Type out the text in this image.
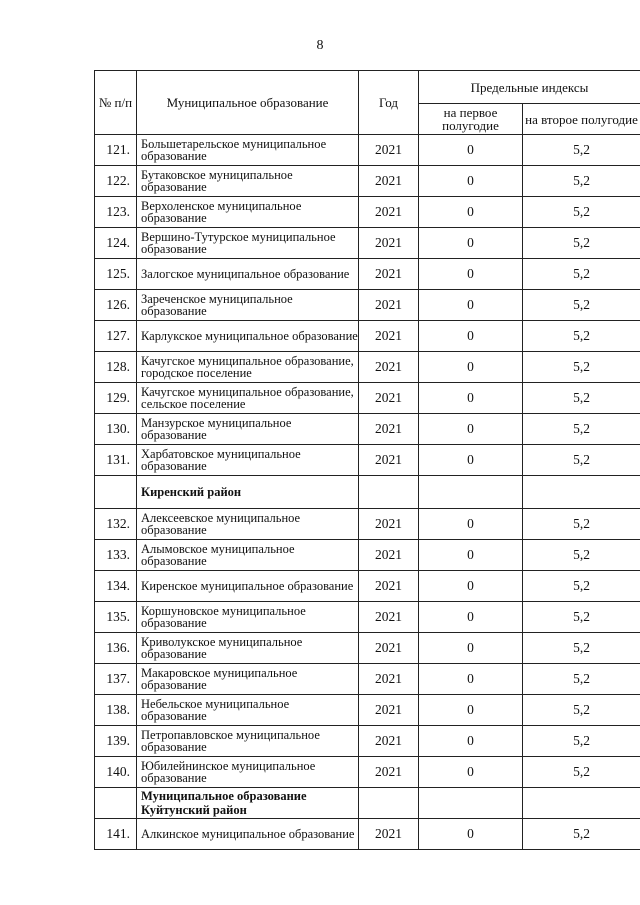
8
№ п/п	Муниципальное образование	Год	Предельные индексы	
			на первое полугодие	на второе полугодие
121.	Большетарельское муниципальное образование	2021	0	5,2
122.	Бутаковское муниципальное образование	2021	0	5,2
123.	Верхоленское муниципальное образование	2021	0	5,2
124.	Вершино-Тутурское муниципальное образование	2021	0	5,2
125.	Залогское муниципальное образование	2021	0	5,2
126.	Зареченское муниципальное образование	2021	0	5,2
127.	Карлукское муниципальное образование	2021	0	5,2
128.	Качугское муниципальное образование, городское поселение	2021	0	5,2
129.	Качугское муниципальное образование, сельское поселение	2021	0	5,2
130.	Манзурское муниципальное образование	2021	0	5,2
131.	Харбатовское муниципальное образование	2021	0	5,2
	Киренский район			
132.	Алексеевское муниципальное образование	2021	0	5,2
133.	Алымовское муниципальное образование	2021	0	5,2
134.	Киренское муниципальное образование	2021	0	5,2
135.	Коршуновское муниципальное образование	2021	0	5,2
136.	Криволукское муниципальное образование	2021	0	5,2
137.	Макаровское муниципальное образование	2021	0	5,2
138.	Небельское муниципальное образование	2021	0	5,2
139.	Петропавловское муниципальное образование	2021	0	5,2
140.	Юбилейнинское муниципальное образование	2021	0	5,2
	Муниципальное образование Куйтунский район			
141.	Алкинское муниципальное образование	2021	0	5,2
